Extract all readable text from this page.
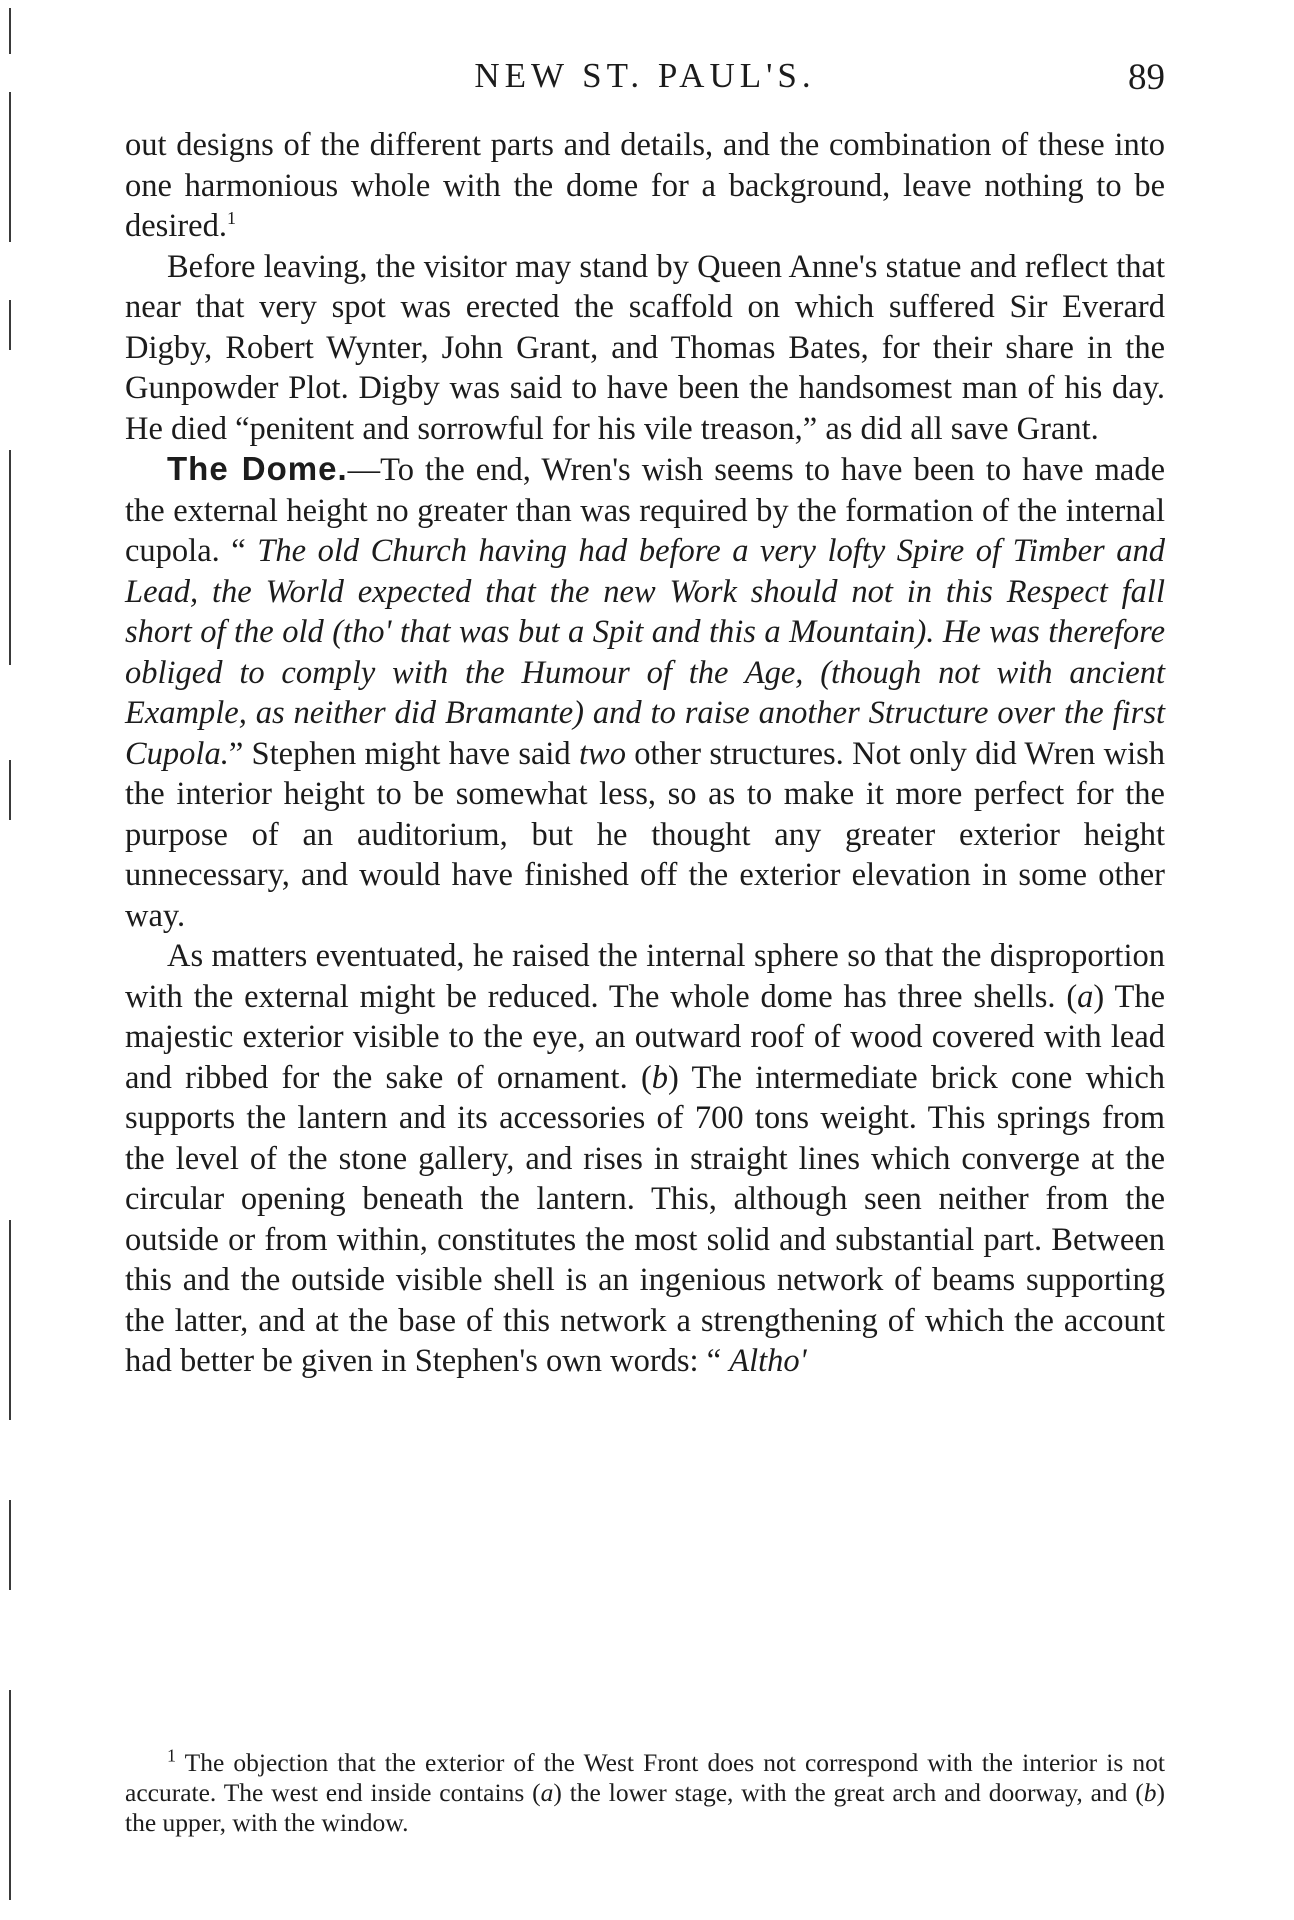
NEW ST. PAUL'S.	89

out designs of the different parts and details, and the combination of these into one harmonious whole with the dome for a background, leave nothing to be desired.$^1$

Before leaving, the visitor may stand by Queen Anne's statue and reflect that near that very spot was erected the scaffold on which suffered Sir Everard Digby, Robert Wynter, John Grant, and Thomas Bates, for their share in the Gunpowder Plot. Digby was said to have been the handsomest man of his day. He died “penitent and sorrowful for his vile treason,” as did all save Grant.

The Dome.—To the end, Wren's wish seems to have been to have made the external height no greater than was required by the formation of the internal cupola. “ The old Church having had before a very lofty Spire of Timber and Lead, the World expected that the new Work should not in this Respect fall short of the old (tho' that was but a Spit and this a Mountain). He was therefore obliged to comply with the Humour of the Age, (though not with ancient Example, as neither did Bramante) and to raise another Structure over the first Cupola.” Stephen might have said two other structures. Not only did Wren wish the interior height to be somewhat less, so as to make it more perfect for the purpose of an auditorium, but he thought any greater exterior height unnecessary, and would have finished off the exterior elevation in some other way.

As matters eventuated, he raised the internal sphere so that the disproportion with the external might be reduced. The whole dome has three shells. (a) The majestic exterior visible to the eye, an outward roof of wood covered with lead and ribbed for the sake of ornament. (b) The intermediate brick cone which supports the lantern and its accessories of 700 tons weight. This springs from the level of the stone gallery, and rises in straight lines which converge at the circular opening beneath the lantern. This, although seen neither from the outside or from within, constitutes the most solid and substantial part. Between this and the outside visible shell is an ingenious network of beams supporting the latter, and at the base of this network a strengthening of which the account had better be given in Stephen's own words: “ Altho'

$^1$ The objection that the exterior of the West Front does not correspond with the interior is not accurate. The west end inside contains (a) the lower stage, with the great arch and doorway, and (b) the upper, with the window.
